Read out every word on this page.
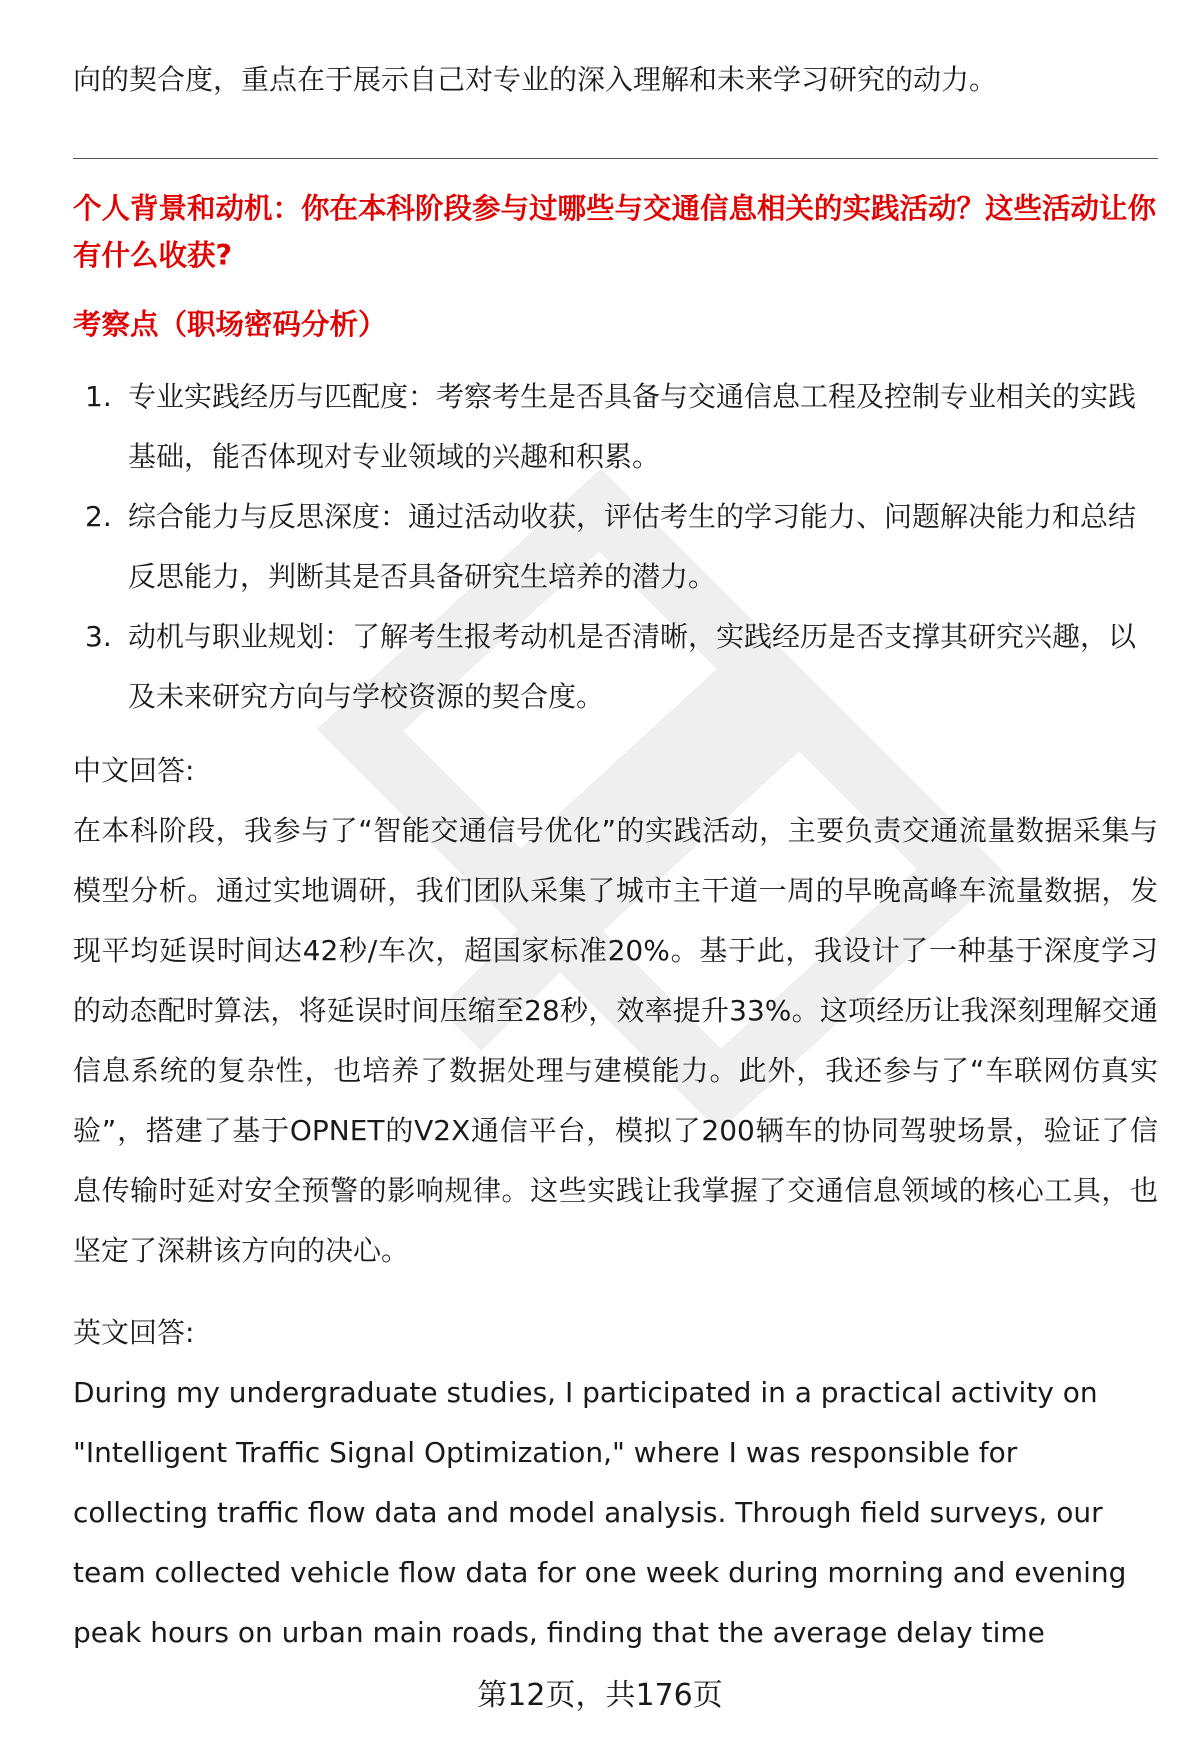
向的契合度，重点在于展示自己对专业的深入理解和未来学习研究的动力。

个人背景和动机：你在本科阶段参与过哪些与交通信息相关的实践活动？这些活动让你有什么收获?

考察点（职场密码分析）

1. 专业实践经历与匹配度：考察考生是否具备与交通信息工程及控制专业相关的实践基础，能否体现对专业领域的兴趣和积累。
2. 综合能力与反思深度：通过活动收获，评估考生的学习能力、问题解决能力和总结反思能力，判断其是否具备研究生培养的潜力。
3. 动机与职业规划：了解考生报考动机是否清晰，实践经历是否支撑其研究兴趣，以及未来研究方向与学校资源的契合度。

中文回答:

在本科阶段，我参与了“智能交通信号优化”的实践活动，主要负责交通流量数据采集与模型分析。通过实地调研，我们团队采集了城市主干道一周的早晚高峰车流量数据，发现平均延误时间达42秒/车次，超国家标准20%。基于此，我设计了一种基于深度学习的动态配时算法，将延误时间压缩至28秒，效率提升33%。这项经历让我深刻理解交通信息系统的复杂性，也培养了数据处理与建模能力。此外，我还参与了“车联网仿真实验”，搭建了基于OPNET的V2X通信平台，模拟了200辆车的协同驾驶场景，验证了信息传输时延对安全预警的影响规律。这些实践让我掌握了交通信息领域的核心工具，也坚定了深耕该方向的决心。

英文回答:

During my undergraduate studies, I participated in a practical activity on "Intelligent Traffic Signal Optimization," where I was responsible for collecting traffic flow data and model analysis. Through field surveys, our team collected vehicle flow data for one week during morning and evening peak hours on urban main roads, finding that the average delay time

第12页，共176页
